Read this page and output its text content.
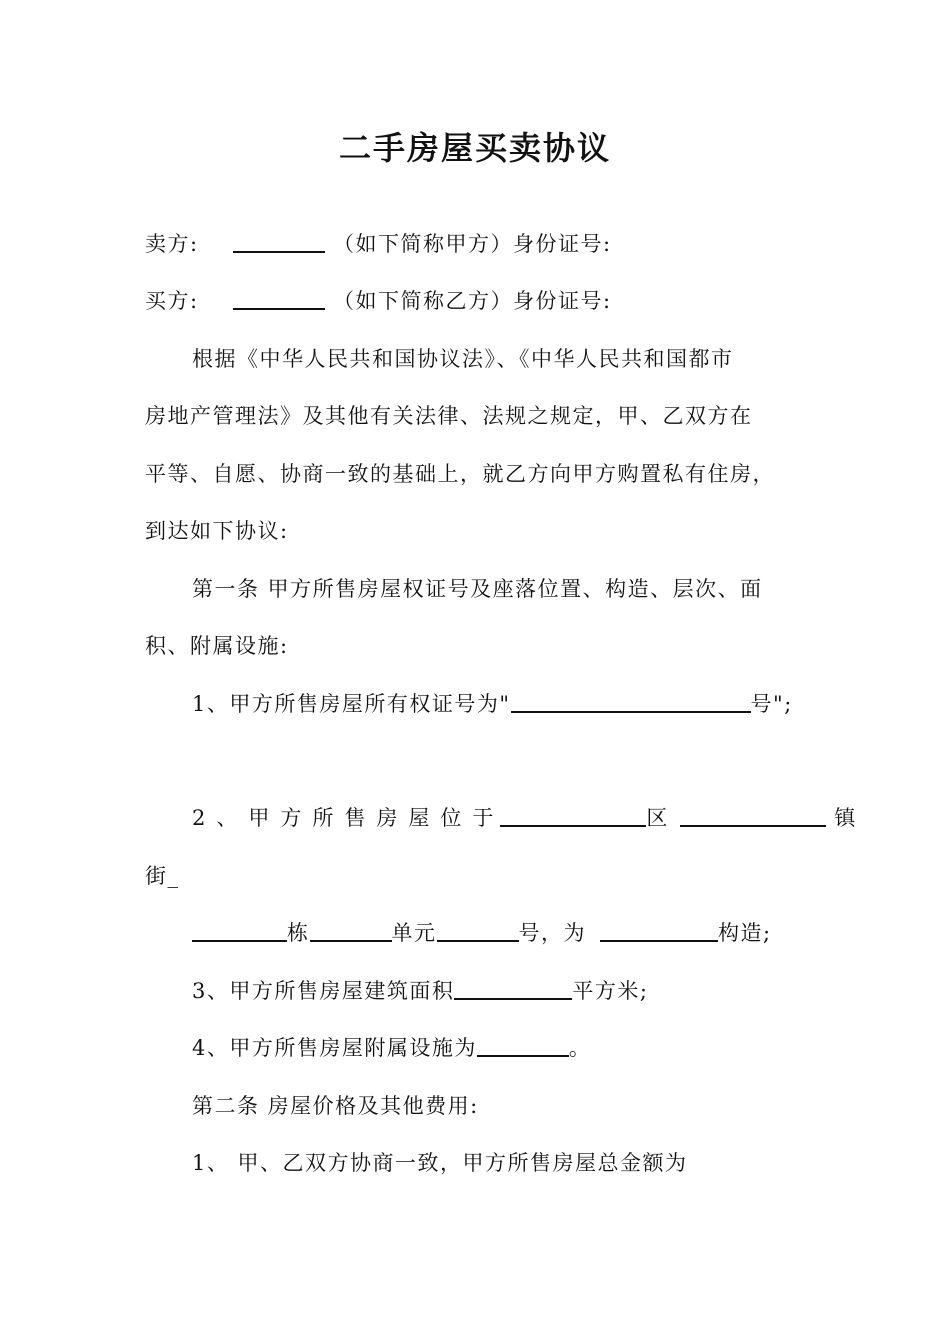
二手房屋买卖协议
卖方:	（如下简称甲方）身份证号:
买方:	（如下简称乙方）身份证号:
根据《中华人民共和国协议法》、《中华人民共和国都市
房地产管理法》及其他有关法律、法规之规定，甲、乙双方在
平等、自愿、协商一致的基础上，就乙方向甲方购置私有住房，
到达如下协议:
第一条 甲方所售房屋权证号及座落位置、构造、层次、面
积、附属设施:
1、甲方所售房屋所有权证号为"	号";
2、甲方所售房屋位于	区	镇
街_
栋	单元	号，为	构造;
3、甲方所售房屋建筑面积	平方米;
4、甲方所售房屋附属设施为	。
第二条 房屋价格及其他费用:
1、 甲、乙双方协商一致，甲方所售房屋总金额为
